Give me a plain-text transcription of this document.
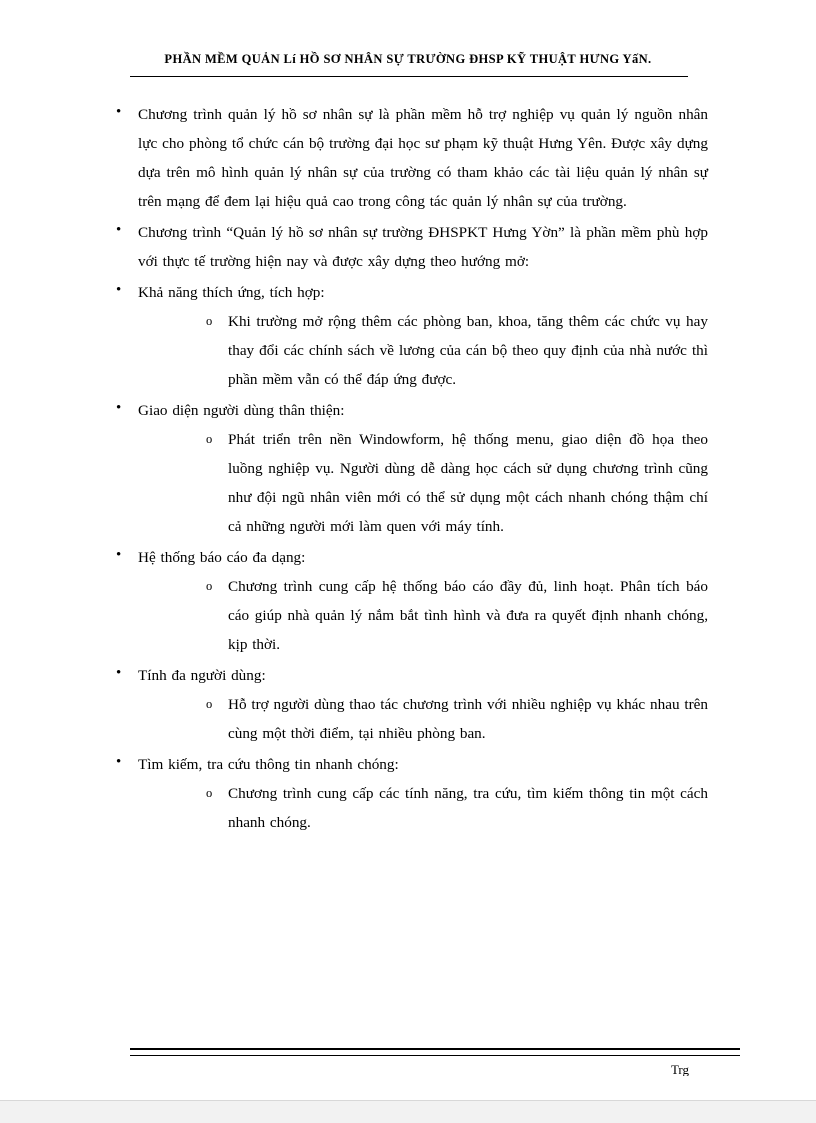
PHẦN MỀM QUẢN Lí HỒ SƠ NHÂN SỰ TRƯỜNG ĐHSP KỸ THUẬT HƯNG YấN.

• Chương trình quản lý hồ sơ nhân sự là phần mềm hỗ trợ nghiệp vụ quản lý nguồn nhân lực cho phòng tổ chức cán bộ trường đại học sư phạm kỹ thuật Hưng Yên. Được xây dựng dựa trên mô hình quản lý nhân sự của trường có tham khảo các tài liệu quản lý nhân sự trên mạng để đem lại hiệu quả cao trong công tác quản lý nhân sự của trường.

• Chương trình “Quản lý hồ sơ nhân sự trường ĐHSPKT Hưng Yờn” là phần mềm phù hợp với thực tế trường hiện nay và được xây dựng theo hướng mở:

• Khả năng thích ứng, tích hợp:

o Khi trường mở rộng thêm các phòng ban, khoa, tăng thêm các chức vụ hay thay đổi các chính sách về lương của cán bộ theo quy định của nhà nước thì phần mềm vẫn có thể đáp ứng được.

• Giao diện người dùng thân thiện:

o Phát triển trên nền Windowform, hệ thống menu, giao diện đồ họa theo luồng nghiệp vụ. Người dùng dễ dàng học cách sử dụng chương trình cũng như đội ngũ nhân viên mới có thể sử dụng một cách nhanh chóng thậm chí cả những người mới làm quen với máy tính.

• Hệ thống báo cáo đa dạng:

o Chương trình cung cấp hệ thống báo cáo đầy đủ, linh hoạt. Phân tích báo cáo giúp nhà quản lý nắm bắt tình hình và đưa ra quyết định nhanh chóng, kịp thời.

• Tính đa người dùng:

o Hỗ trợ người dùng thao tác chương trình với nhiều nghiệp vụ khác nhau trên cùng một thời điểm, tại nhiều phòng ban.

• Tìm kiếm, tra cứu thông tin nhanh chóng:

o Chương trình cung cấp các tính năng, tra cứu, tìm kiếm thông tin một cách nhanh chóng.

Trg
